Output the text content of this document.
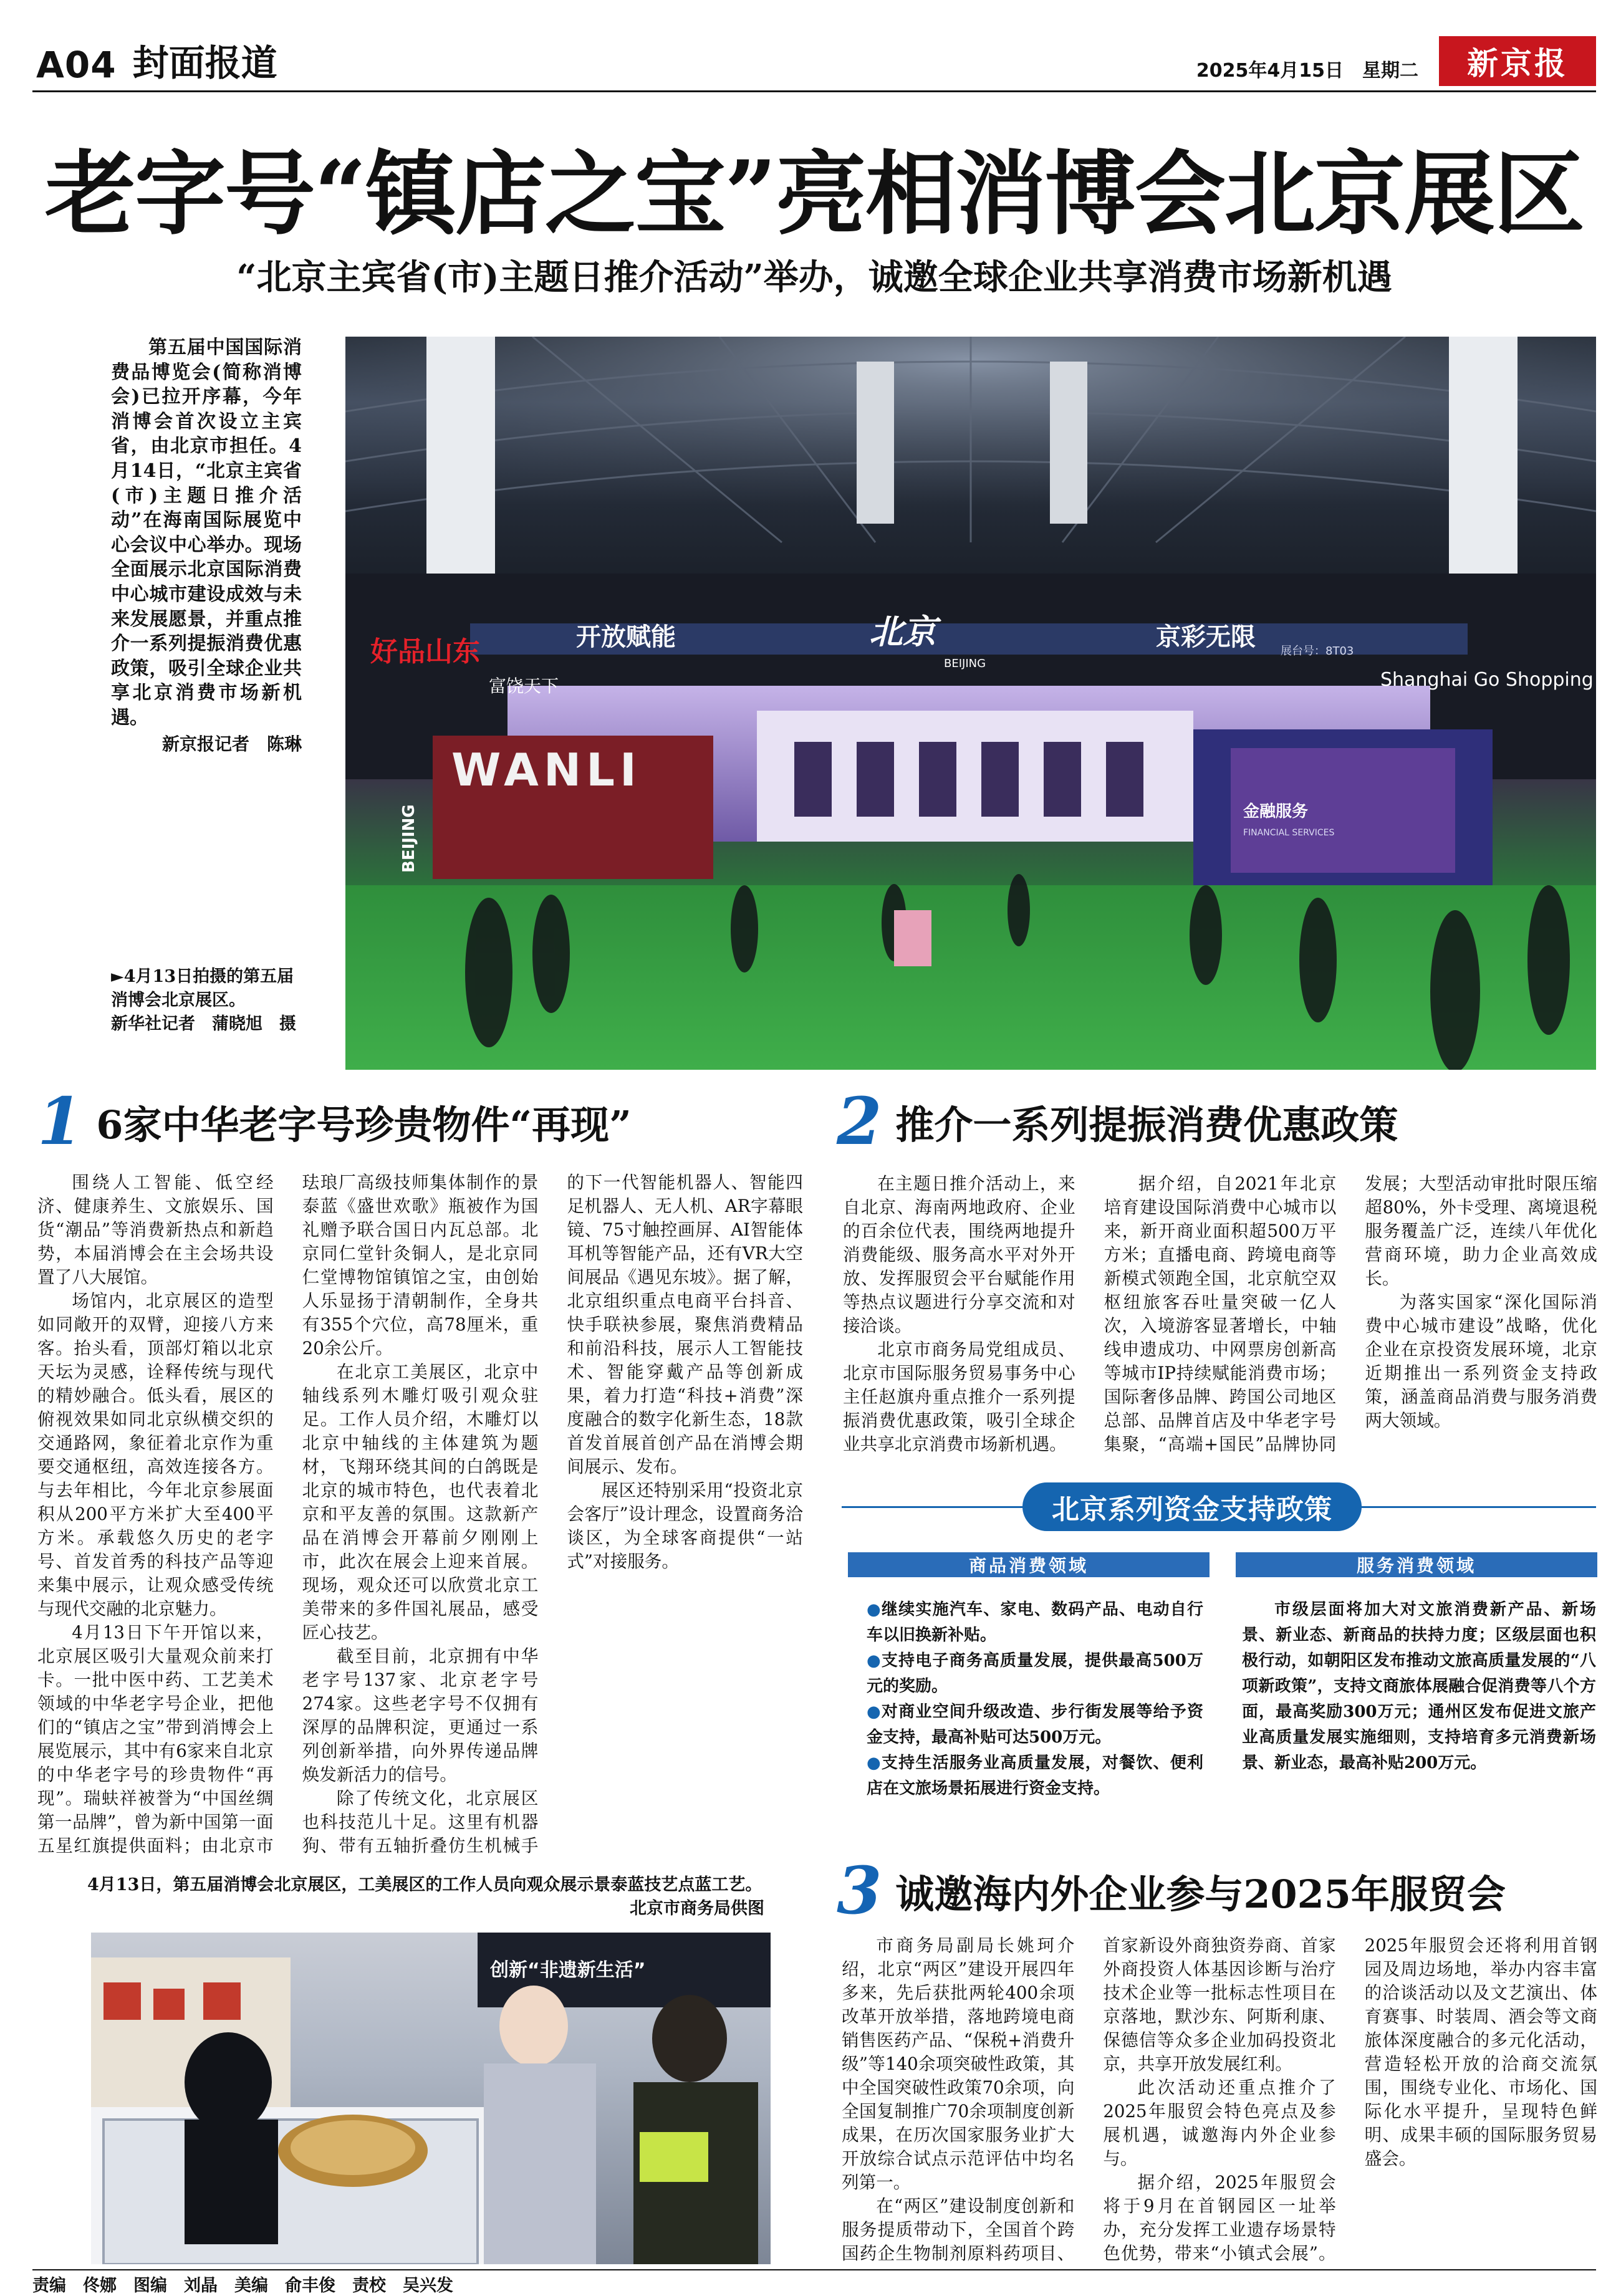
A04 封面报道	2025年4月15日　星期二	新京报
老字号“镇店之宝”亮相消博会北京展区
“北京主宾省(市)主题日推介活动”举办，诚邀全球企业共享消费市场新机遇

第五届中国国际消费品博览会(简称消博会)已拉开序幕，今年消博会首次设立主宾省，由北京市担任。4月14日，“北京主宾省(市)主题日推介活动”在海南国际展览中心会议中心举办。现场全面展示北京国际消费中心城市建设成效与未来发展愿景，并重点推介一系列提振消费优惠政策，吸引全球企业共享北京消费市场新机遇。

新京报记者　陈琳
►4月13日拍摄的第五届消博会北京展区。
新华社记者　蒲晓旭　摄
开放赋能	北京
BEIJING
京彩无限 展台号：8T03
好品山东
富饶天下
WANLI
Shanghai Go Shopping
金融服务
FINANCIAL SERVICES
BEIJING
1 6家中华老字号珍贵物件“再现”

围绕人工智能、低空经济、健康养生、文旅娱乐、国货“潮品”等消费新热点和新趋势，本届消博会在主会场共设置了八大展馆。

场馆内，北京展区的造型如同敞开的双臂，迎接八方来客。抬头看，顶部灯箱以北京天坛为灵感，诠释传统与现代的精妙融合。低头看，展区的俯视效果如同北京纵横交织的交通路网，象征着北京作为重要交通枢纽，高效连接各方。与去年相比，今年北京参展面积从200平方米扩大至400平方米。承载悠久历史的老字号、首发首秀的科技产品等迎来集中展示，让观众感受传统与现代交融的北京魅力。

4月13日下午开馆以来，北京展区吸引大量观众前来打卡。一批中医中药、工艺美术领域的中华老字号企业，把他们的“镇店之宝”带到消博会上展览展示，其中有6家来自北京的中华老字号的珍贵物件“再现”。瑞蚨祥被誉为“中国丝绸第一品牌”，曾为新中国第一面五星红旗提供面料；由北京市珐琅厂高级技师集体制作的景泰蓝《盛世欢歌》瓶被作为国礼赠予联合国日内瓦总部。北京同仁堂针灸铜人，是北京同仁堂博物馆镇馆之宝，由创始人乐显扬于清朝制作，全身共有355个穴位，高78厘米，重20余公斤。

在北京工美展区，北京中轴线系列木雕灯吸引观众驻足。工作人员介绍，木雕灯以北京中轴线的主体建筑为题材，飞翔环绕其间的白鸽既是北京的城市特色，也代表着北京和平友善的氛围。这款新产品在消博会开幕前夕刚刚上市，此次在展会上迎来首展。现场，观众还可以欣赏北京工美带来的多件国礼展品，感受匠心技艺。

截至目前，北京拥有中华老字号137家、北京老字号274家。这些老字号不仅拥有深厚的品牌积淀，更通过一系列创新举措，向外界传递品牌焕发新活力的信号。

除了传统文化，北京展区也科技范儿十足。这里有机器狗、带有五轴折叠仿生机械手的下一代智能机器人、智能四足机器人、无人机、AR字幕眼镜、75寸触控画屏、AI智能体耳机等智能产品，还有VR大空间展品《遇见东坡》。据了解，北京组织重点电商平台抖音、快手联袂参展，聚焦消费精品和前沿科技，展示人工智能技术、智能穿戴产品等创新成果，着力打造“科技+消费”深度融合的数字化新生态，18款首发首展首创产品在消博会期间展示、发布。

展区还特别采用“投资北京会客厅”设计理念，设置商务洽谈区，为全球客商提供“一站式”对接服务。

2 推介一系列提振消费优惠政策

在主题日推介活动上，来自北京、海南两地政府、企业的百余位代表，围绕两地提升消费能级、服务高水平对外开放、发挥服贸会平台赋能作用等热点议题进行分享交流和对接洽谈。

北京市商务局党组成员、北京市国际服务贸易事务中心主任赵旗舟重点推介一系列提振消费优惠政策，吸引全球企业共享北京消费市场新机遇。

据介绍，自2021年北京培育建设国际消费中心城市以来，新开商业面积超500万平方米；直播电商、跨境电商等新模式领跑全国，北京航空双枢纽旅客吞吐量突破一亿人次，入境游客显著增长，中轴线申遗成功、中网票房创新高等城市IP持续赋能消费市场；国际奢侈品牌、跨国公司地区总部、品牌首店及中华老字号集聚，“高端+国民”品牌协同发展；大型活动审批时限压缩超80%，外卡受理、离境退税服务覆盖广泛，连续八年优化营商环境，助力企业高效成长。

为落实国家“深化国际消费中心城市建设”战略，优化企业在京投资发展环境，北京近期推出一系列资金支持政策，涵盖商品消费与服务消费两大领域。

北京系列资金支持政策
商品消费领域	服务消费领域

●继续实施汽车、家电、数码产品、电动自行车以旧换新补贴。

●支持电子商务高质量发展，提供最高500万元的奖励。

●对商业空间升级改造、步行街发展等给予资金支持，最高补贴可达500万元。

●支持生活服务业高质量发展，对餐饮、便利店在文旅场景拓展进行资金支持。

市级层面将加大对文旅消费新产品、新场景、新业态、新商品的扶持力度；区级层面也积极行动，如朝阳区发布推动文旅高质量发展的“八项新政策”，支持文商旅体展融合促消费等八个方面，最高奖励300万元；通州区发布促进文旅产业高质量发展实施细则，支持培育多元消费新场景、新业态，最高补贴200万元。
3 诚邀海内外企业参与2025年服贸会

市商务局副局长姚珂介绍，北京“两区”建设开展四年多来，先后获批两轮400余项改革开放举措，落地跨境电商销售医药产品、“保税+消费升级”等140余项突破性政策，其中全国突破性政策70余项，向全国复制推广70余项制度创新成果，在历次国家服务业扩大开放综合试点示范评估中均名列第一。

在“两区”建设制度创新和服务提质带动下，全国首个跨国药企生物制剂原料药项目、首家新设外商独资券商、首家外商投资人体基因诊断与治疗技术企业等一批标志性项目在京落地，默沙东、阿斯利康、保德信等众多企业加码投资北京，共享开放发展红利。

此次活动还重点推介了2025年服贸会特色亮点及参展机遇，诚邀海内外企业参与。

据介绍，2025年服贸会将于9月在首钢园区一址举办，充分发挥工业遗存场景特色优势，带来“小镇式会展”。2025年服贸会还将利用首钢园及周边场地，举办内容丰富的洽谈活动以及文艺演出、体育赛事、时装周、酒会等文商旅体深度融合的多元化活动，营造轻松开放的洽商交流氛围，围绕专业化、市场化、国际化水平提升，呈现特色鲜明、成果丰硕的国际服务贸易盛会。

4月13日，第五届消博会北京展区，工美展区的工作人员向观众展示景泰蓝技艺点蓝工艺。
北京市商务局供图
创新“非遗新生活”
责编　佟娜　图编　刘晶　美编　俞丰俊　责校　吴兴发
